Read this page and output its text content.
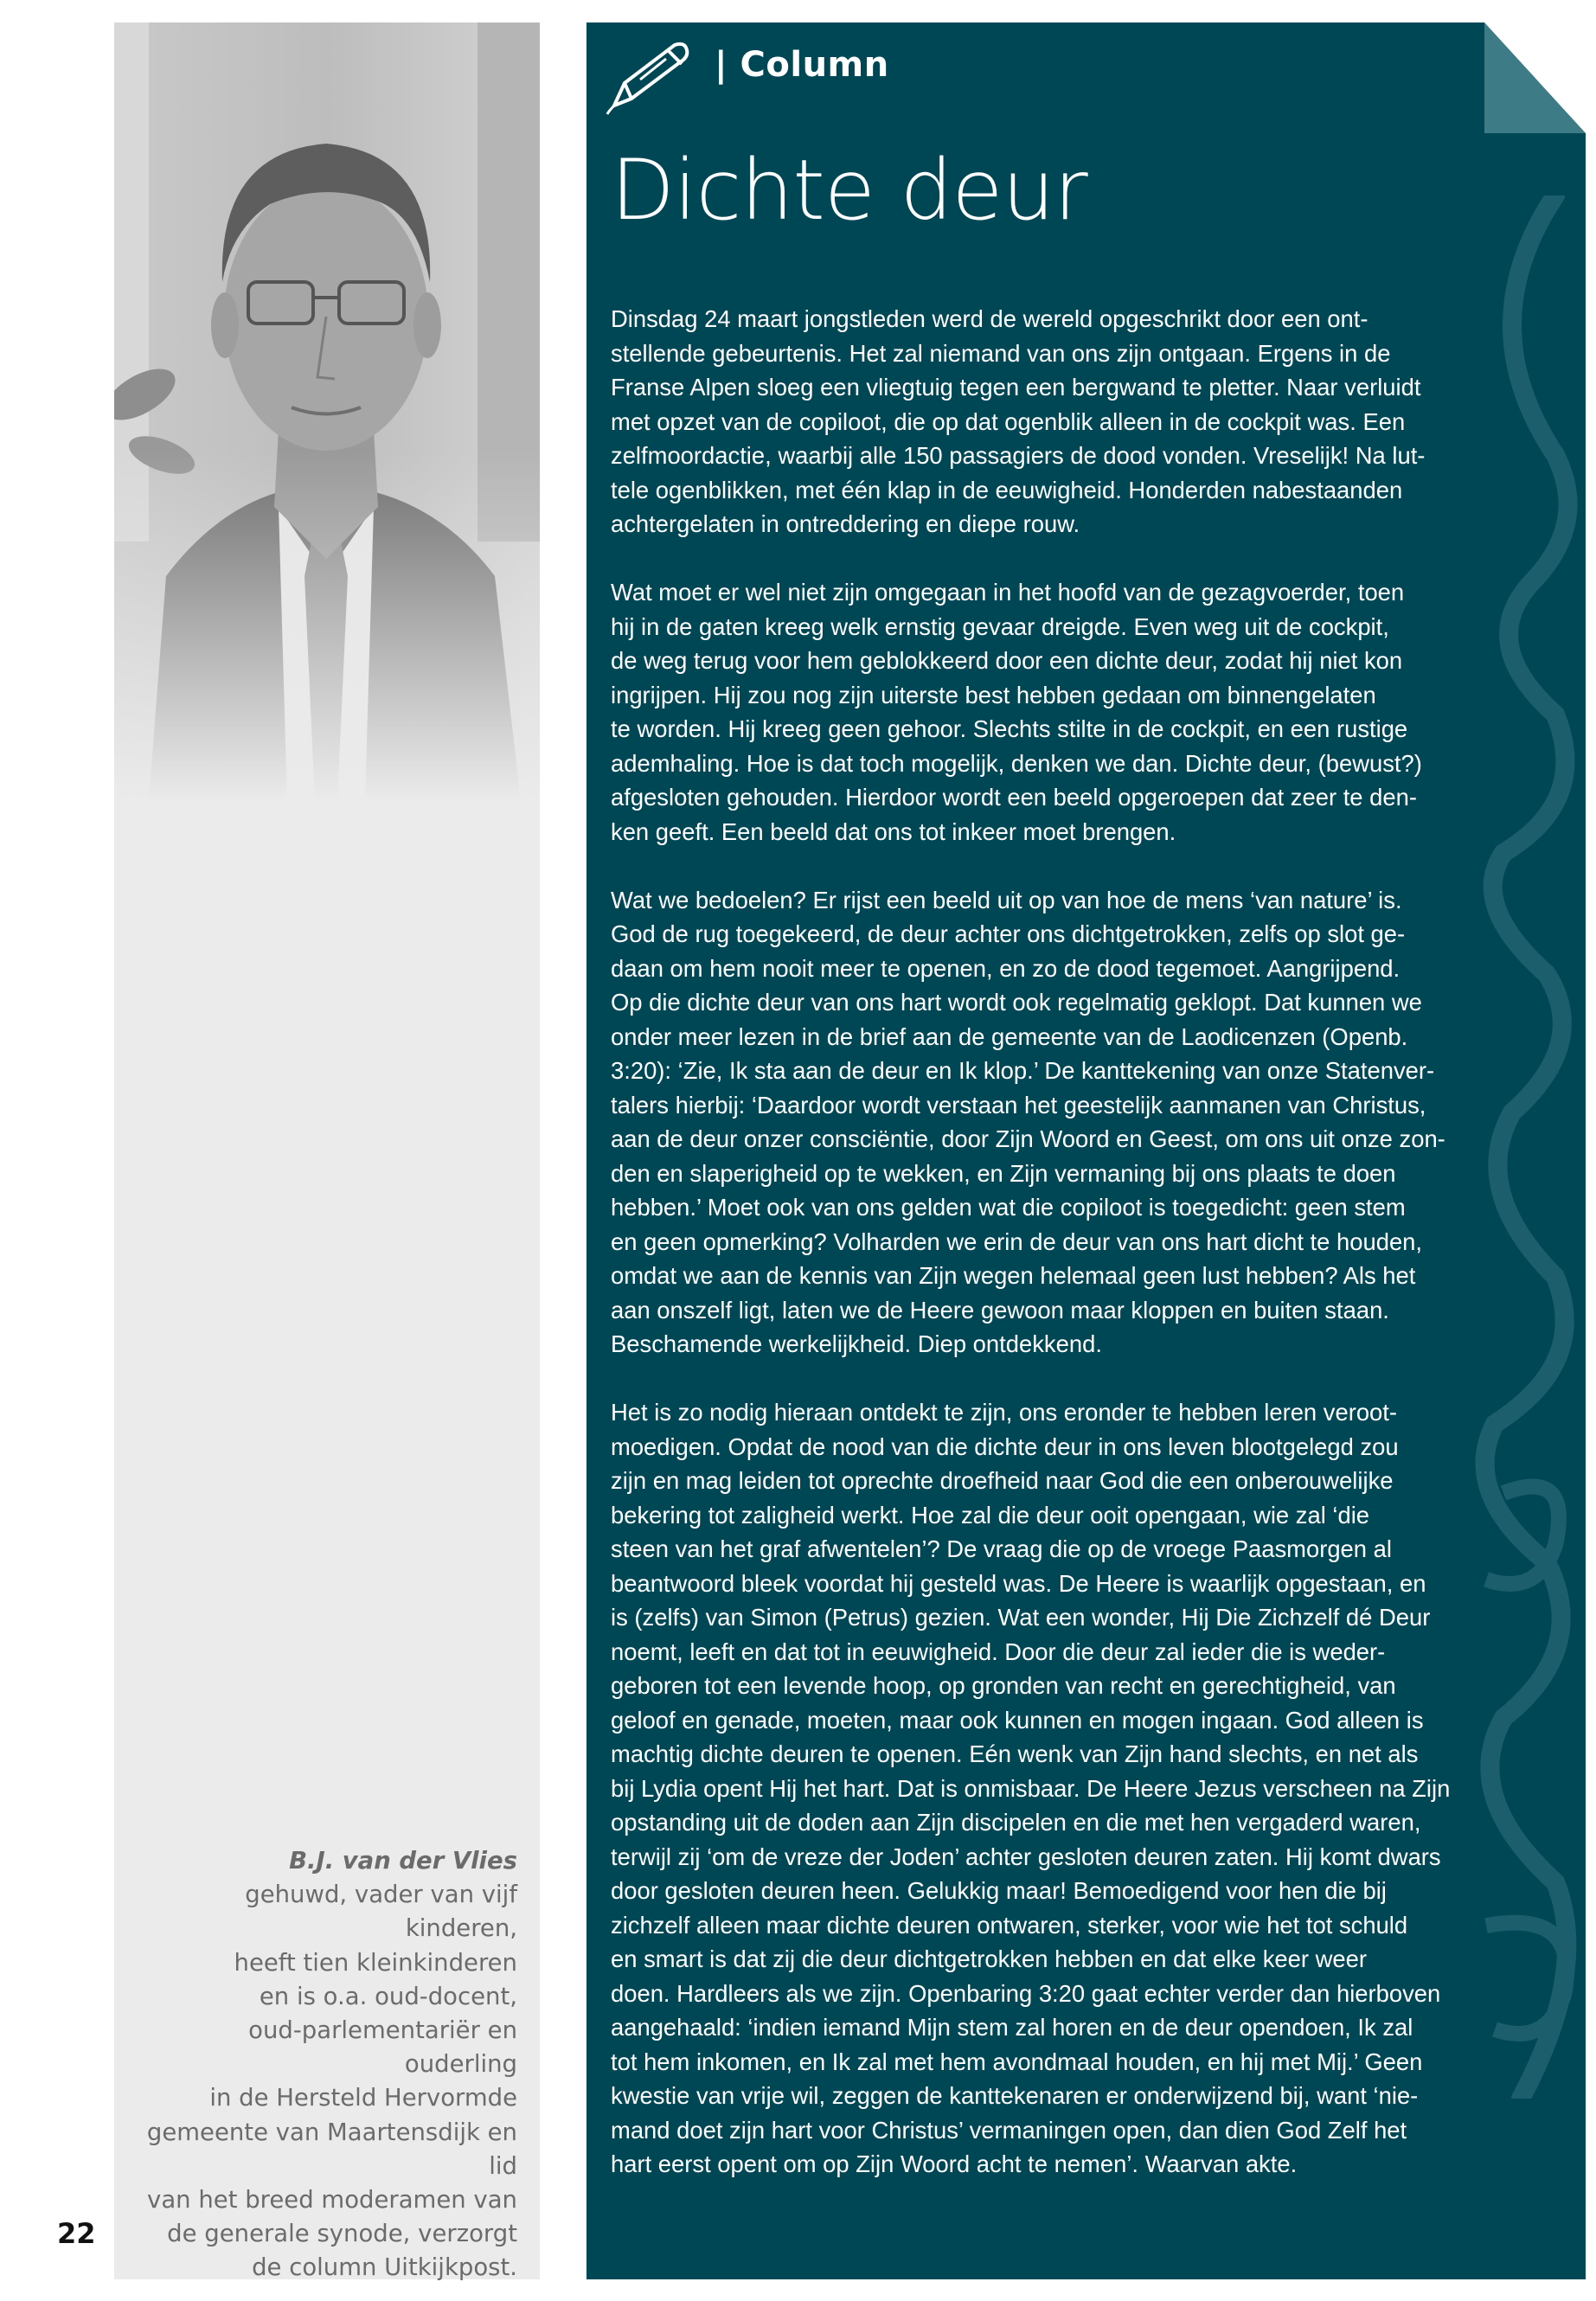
B.J. van der Vlies
gehuwd, vader van vijf kinderen,
heeft tien kleinkinderen
en is o.a. oud-docent,
oud-parlementariër en ouderling
in de Hersteld Hervormde
gemeente van Maartensdijk en lid
van het breed moderamen van
de generale synode, verzorgt
de column Uitkijkpost.
22
| Column
Dichte deur
Dinsdag 24 maart jongstleden werd de wereld opgeschrikt door een ont-
stellende gebeurtenis. Het zal niemand van ons zijn ontgaan. Ergens in de
Franse Alpen sloeg een vliegtuig tegen een bergwand te pletter. Naar verluidt
met opzet van de copiloot, die op dat ogenblik alleen in de cockpit was. Een
zelfmoordactie, waarbij alle 150 passagiers de dood vonden. Vreselijk! Na lut-
tele ogenblikken, met één klap in de eeuwigheid. Honderden nabestaanden
achtergelaten in ontreddering en diepe rouw.
Wat moet er wel niet zijn omgegaan in het hoofd van de gezagvoerder, toen
hij in de gaten kreeg welk ernstig gevaar dreigde. Even weg uit de cockpit,
de weg terug voor hem geblokkeerd door een dichte deur, zodat hij niet kon
ingrijpen. Hij zou nog zijn uiterste best hebben gedaan om binnengelaten
te worden. Hij kreeg geen gehoor. Slechts stilte in de cockpit, en een rustige
ademhaling. Hoe is dat toch mogelijk, denken we dan. Dichte deur, (bewust?)
afgesloten gehouden. Hierdoor wordt een beeld opgeroepen dat zeer te den-
ken geeft. Een beeld dat ons tot inkeer moet brengen.
Wat we bedoelen? Er rijst een beeld uit op van hoe de mens ‘van nature’ is.
God de rug toegekeerd, de deur achter ons dichtgetrokken, zelfs op slot ge-
daan om hem nooit meer te openen, en zo de dood tegemoet. Aangrijpend.
Op die dichte deur van ons hart wordt ook regelmatig geklopt. Dat kunnen we
onder meer lezen in de brief aan de gemeente van de Laodicenzen (Openb.
3:20): ‘Zie, Ik sta aan de deur en Ik klop.’ De kanttekening van onze Statenver-
talers hierbij: ‘Daardoor wordt verstaan het geestelijk aanmanen van Christus,
aan de deur onzer consciëntie, door Zijn Woord en Geest, om ons uit onze zon-
den en slaperigheid op te wekken, en Zijn vermaning bij ons plaats te doen
hebben.’ Moet ook van ons gelden wat die copiloot is toegedicht: geen stem
en geen opmerking? Volharden we erin de deur van ons hart dicht te houden,
omdat we aan de kennis van Zijn wegen helemaal geen lust hebben? Als het
aan onszelf ligt, laten we de Heere gewoon maar kloppen en buiten staan.
Beschamende werkelijkheid. Diep ontdekkend.
Het is zo nodig hieraan ontdekt te zijn, ons eronder te hebben leren veroot-
moedigen. Opdat de nood van die dichte deur in ons leven blootgelegd zou
zijn en mag leiden tot oprechte droefheid naar God die een onberouwelijke
bekering tot zaligheid werkt. Hoe zal die deur ooit opengaan, wie zal ‘die
steen van het graf afwentelen’? De vraag die op de vroege Paasmorgen al
beantwoord bleek voordat hij gesteld was. De Heere is waarlijk opgestaan, en
is (zelfs) van Simon (Petrus) gezien. Wat een wonder, Hij Die Zichzelf dé Deur
noemt, leeft en dat tot in eeuwigheid. Door die deur zal ieder die is weder-
geboren tot een levende hoop, op gronden van recht en gerechtigheid, van
geloof en genade, moeten, maar ook kunnen en mogen ingaan. God alleen is
machtig dichte deuren te openen. Eén wenk van Zijn hand slechts, en net als
bij Lydia opent Hij het hart. Dat is onmisbaar. De Heere Jezus verscheen na Zijn
opstanding uit de doden aan Zijn discipelen en die met hen vergaderd waren,
terwijl zij ‘om de vreze der Joden’ achter gesloten deuren zaten. Hij komt dwars
door gesloten deuren heen. Gelukkig maar! Bemoedigend voor hen die bij
zichzelf alleen maar dichte deuren ontwaren, sterker, voor wie het tot schuld
en smart is dat zij die deur dichtgetrokken hebben en dat elke keer weer
doen. Hardleers als we zijn. Openbaring 3:20 gaat echter verder dan hierboven
aangehaald: ‘indien iemand Mijn stem zal horen en de deur opendoen, Ik zal
tot hem inkomen, en Ik zal met hem avondmaal houden, en hij met Mij.’ Geen
kwestie van vrije wil, zeggen de kanttekenaren er onderwijzend bij, want ‘nie-
mand doet zijn hart voor Christus’ vermaningen open, dan dien God Zelf het
hart eerst opent om op Zijn Woord acht te nemen’. Waarvan akte.
